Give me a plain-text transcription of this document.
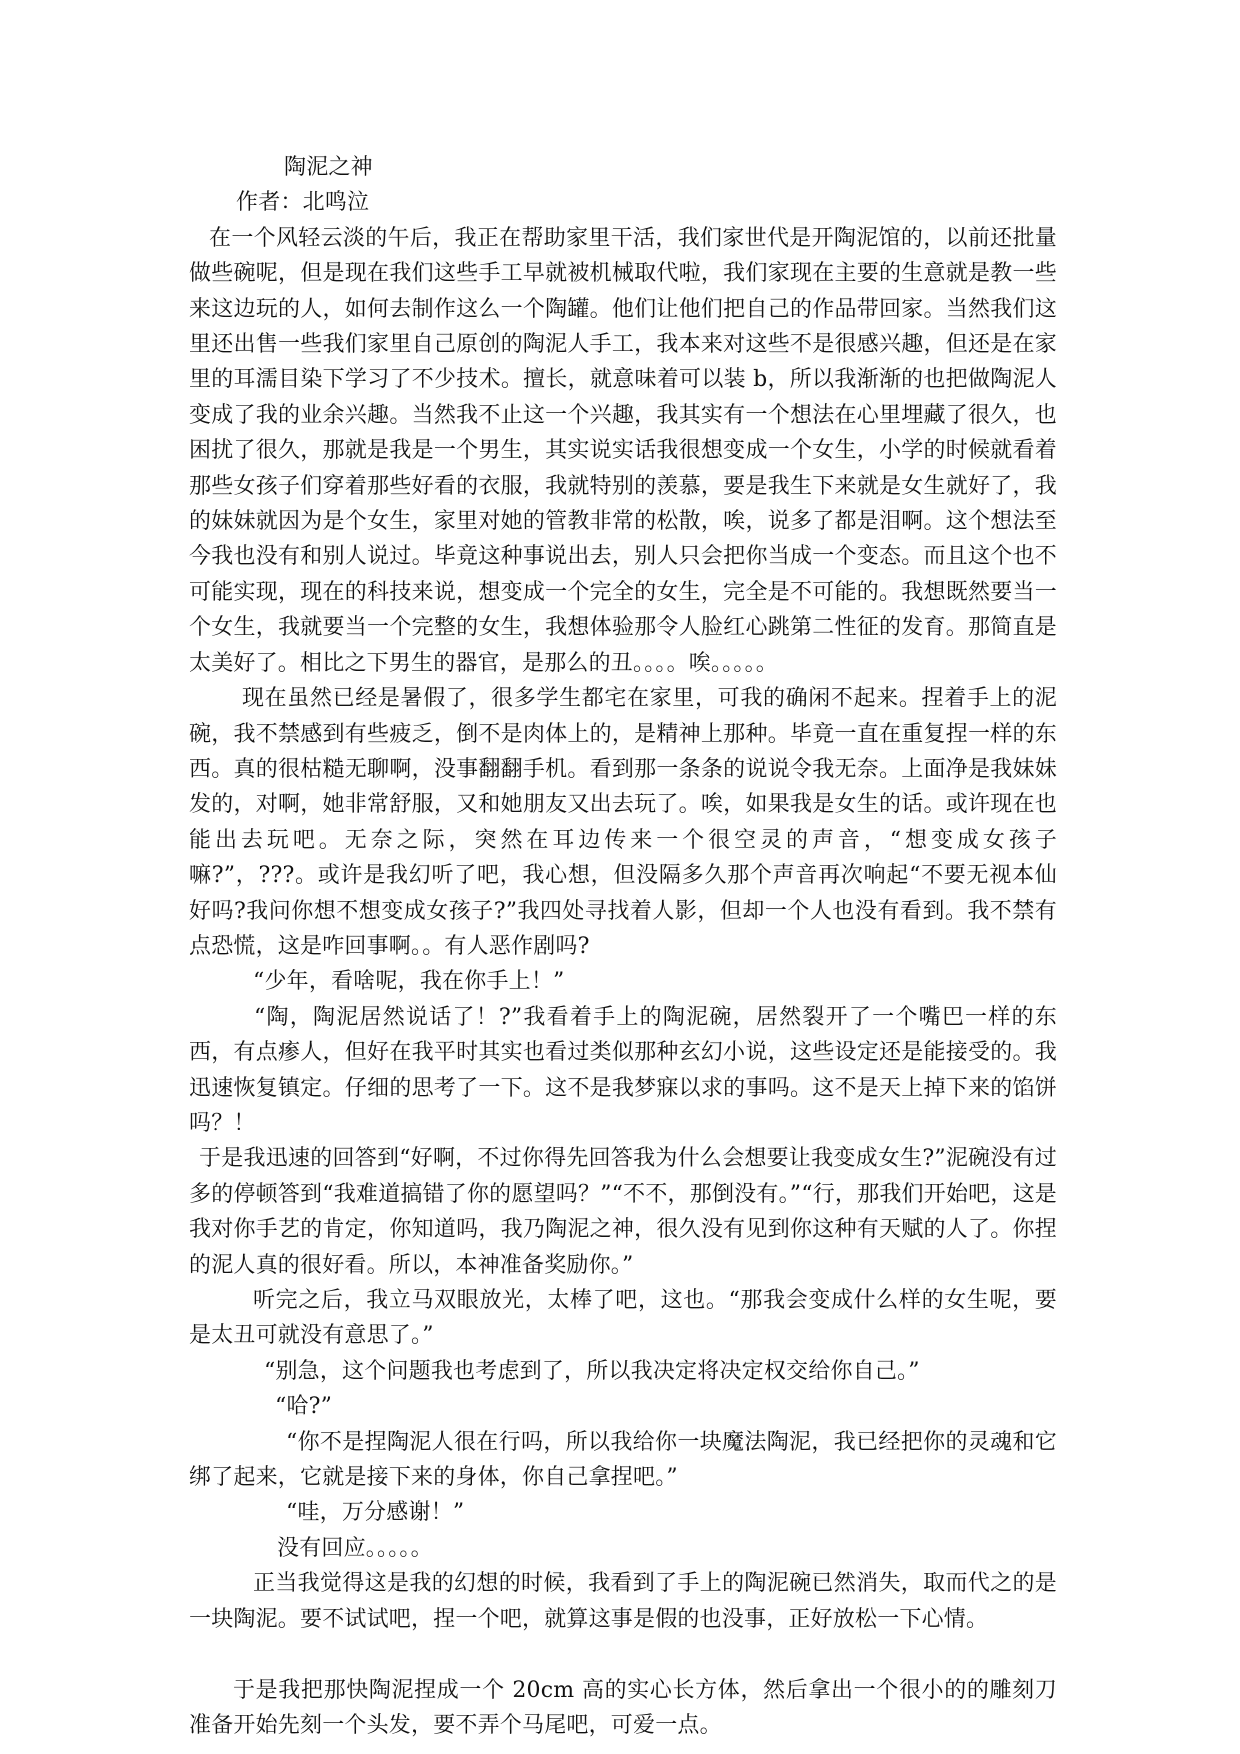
陶泥之神

作者：北鸣泣

在一个风轻云淡的午后，我正在帮助家里干活，我们家世代是开陶泥馆的，以前还批量做些碗呢，但是现在我们这些手工早就被机械取代啦，我们家现在主要的生意就是教一些来这边玩的人，如何去制作这么一个陶罐。他们让他们把自己的作品带回家。当然我们这里还出售一些我们家里自己原创的陶泥人手工，我本来对这些不是很感兴趣，但还是在家里的耳濡目染下学习了不少技术。擅长，就意味着可以装 b，所以我渐渐的也把做陶泥人变成了我的业余兴趣。当然我不止这一个兴趣，我其实有一个想法在心里埋藏了很久，也困扰了很久，那就是我是一个男生，其实说实话我很想变成一个女生，小学的时候就看着那些女孩子们穿着那些好看的衣服，我就特别的羡慕，要是我生下来就是女生就好了，我的妹妹就因为是个女生，家里对她的管教非常的松散，唉，说多了都是泪啊。这个想法至今我也没有和别人说过。毕竟这种事说出去，别人只会把你当成一个变态。而且这个也不可能实现，现在的科技来说，想变成一个完全的女生，完全是不可能的。我想既然要当一个女生，我就要当一个完整的女生，我想体验那令人脸红心跳第二性征的发育。那简直是太美好了。相比之下男生的器官，是那么的丑。。。。唉。。。。。

现在虽然已经是暑假了，很多学生都宅在家里，可我的确闲不起来。捏着手上的泥碗，我不禁感到有些疲乏，倒不是肉体上的，是精神上那种。毕竟一直在重复捏一样的东西。真的很枯糙无聊啊，没事翻翻手机。看到那一条条的说说令我无奈。上面净是我妹妹发的，对啊，她非常舒服，又和她朋友又出去玩了。唉，如果我是女生的话。或许现在也能出去玩吧。无奈之际，突然在耳边传来一个很空灵的声音，“想变成女孩子嘛?”，???。或许是我幻听了吧，我心想，但没隔多久那个声音再次响起“不要无视本仙好吗?我问你想不想变成女孩子?”我四处寻找着人影，但却一个人也没有看到。我不禁有点恐慌，这是咋回事啊。。有人恶作剧吗?

“少年，看啥呢，我在你手上！”

“陶，陶泥居然说话了！?”我看着手上的陶泥碗，居然裂开了一个嘴巴一样的东西，有点瘆人，但好在我平时其实也看过类似那种玄幻小说，这些设定还是能接受的。我迅速恢复镇定。仔细的思考了一下。这不是我梦寐以求的事吗。这不是天上掉下来的馅饼吗？！

于是我迅速的回答到“好啊，不过你得先回答我为什么会想要让我变成女生?”泥碗没有过多的停顿答到“我难道搞错了你的愿望吗？”“不不，那倒没有。”“行，那我们开始吧，这是我对你手艺的肯定，你知道吗，我乃陶泥之神，很久没有见到你这种有天赋的人了。你捏的泥人真的很好看。所以，本神准备奖励你。”

听完之后，我立马双眼放光，太棒了吧，这也。“那我会变成什么样的女生呢，要是太丑可就没有意思了。”

“别急，这个问题我也考虑到了，所以我决定将决定权交给你自己。”

“哈?”

“你不是捏陶泥人很在行吗，所以我给你一块魔法陶泥，我已经把你的灵魂和它绑了起来，它就是接下来的身体，你自己拿捏吧。”

“哇，万分感谢！”

没有回应。。。。。

正当我觉得这是我的幻想的时候，我看到了手上的陶泥碗已然消失，取而代之的是一块陶泥。要不试试吧，捏一个吧，就算这事是假的也没事，正好放松一下心情。

于是我把那快陶泥捏成一个 20cm 高的实心长方体，然后拿出一个很小的的雕刻刀准备开始先刻一个头发，要不弄个马尾吧，可爱一点。
